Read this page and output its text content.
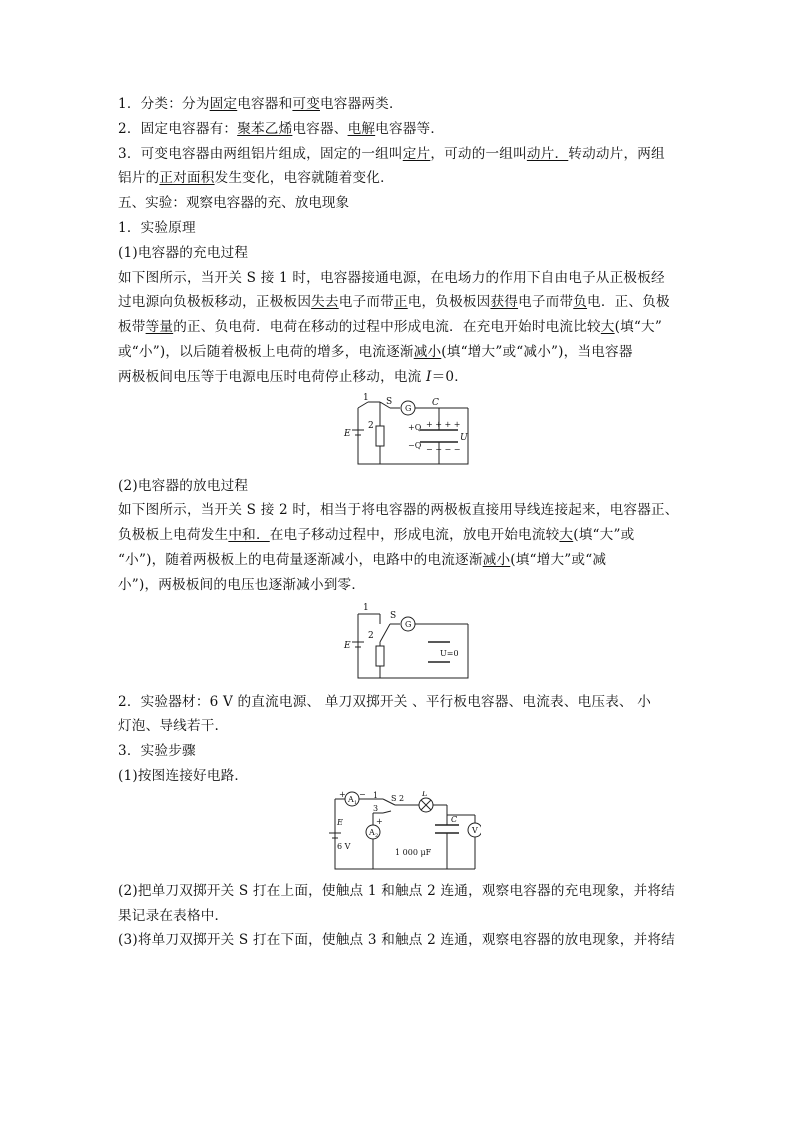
1．分类：分为固定电容器和可变电容器两类．

2．固定电容器有：聚苯乙烯电容器、电解电容器等．

3．可变电容器由两组铝片组成，固定的一组叫定片，可动的一组叫动片．转动动片，两组

铝片的正对面积发生变化，电容就随着变化．

五、实验：观察电容器的充、放电现象

1．实验原理

(1)电容器的充电过程

如下图所示，当开关 S 接 1 时，电容器接通电源，在电场力的作用下自由电子从正极板经

过电源向负极板移动，正极板因失去电子而带正电，负极板因获得电子而带负电．正、负极

板带等量的正、负电荷．电荷在移动的过程中形成电流．在充电开始时电流比较大(填“大”

或“小”)，以后随着极板上电荷的增多，电流逐渐减小(填“增大”或“减小”)，当电容器

两极板间电压等于电源电压时电荷停止移动，电流 I＝0．

1 S
G
C
E
2	+Q
−Q
+ + + +
− − − −
U

(2)电容器的放电过程

如下图所示，当开关 S 接 2 时，相当于将电容器的两极板直接用导线连接起来，电容器正、

负极板上电荷发生中和．在电子移动过程中，形成电流，放电开始电流较大(填“大”或

“小”)，随着两极板上的电荷量逐渐减小，电路中的电流逐渐减小(填“增大”或“减

小”)，两极板间的电压也逐渐减小到零．

1
S
G
E
2
U=0

2．实验器材：6 V 的直流电源、 单刀双掷开关 、平行板电容器、电流表、电压表、 小

灯泡、导线若干.

3．实验步骤

(1)按图连接好电路．

+ −
A 1
1
3
S 2
L
+
A 2
E
6 V
C
1 000 μF
V

(2)把单刀双掷开关 S 打在上面，使触点 1 和触点 2 连通，观察电容器的充电现象，并将结

果记录在表格中．

(3)将单刀双掷开关 S 打在下面，使触点 3 和触点 2 连通，观察电容器的放电现象，并将结
